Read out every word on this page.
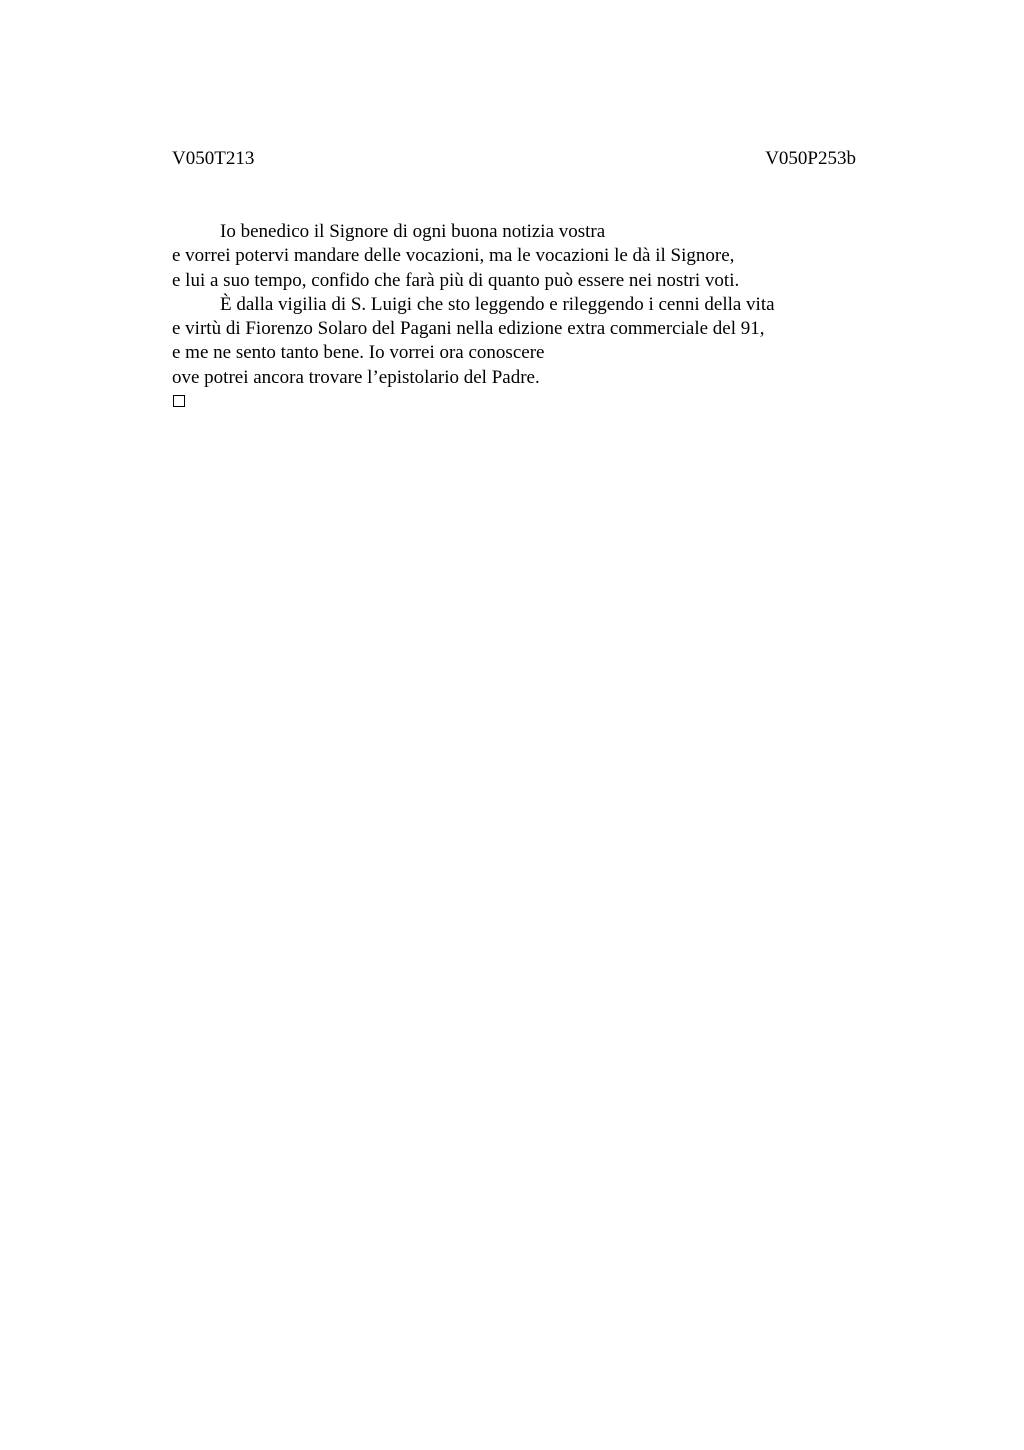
V050T213	V050P253b
Io benedico il Signore di ogni buona notizia vostra
e vorrei potervi mandare delle vocazioni, ma le vocazioni le dà il Signore,
e lui a suo tempo, confido che farà più di quanto può essere nei nostri voti.
È dalla vigilia di S. Luigi che sto leggendo e rileggendo i cenni della vita
e virtù di Fiorenzo Solaro del Pagani nella edizione extra commerciale del 91,
e me ne sento tanto bene. Io vorrei ora conoscere
ove potrei ancora trovare l’epistolario del Padre.
